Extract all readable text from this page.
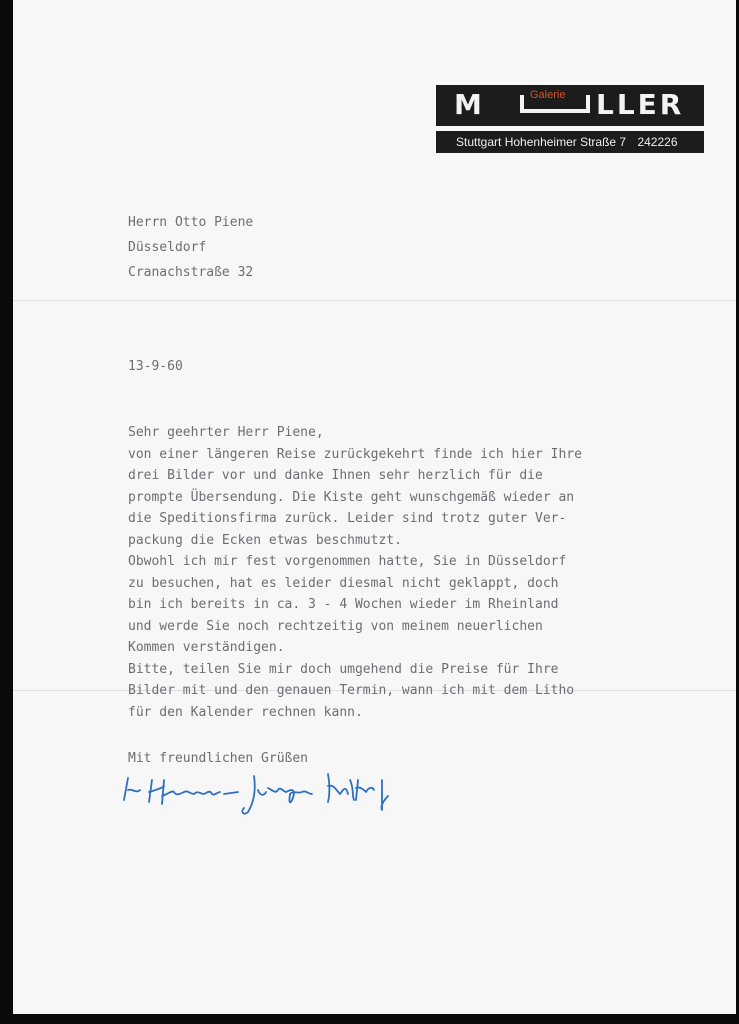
M	Galerie LLER
Stuttgart Hohenheimer Straße 7 242226
Herrn Otto Piene
Düsseldorf
Cranachstraße 32
13-9-60
Sehr geehrter Herr Piene,
von einer längeren Reise zurückgekehrt finde ich hier Ihre
drei Bilder vor und danke Ihnen sehr herzlich für die
prompte Übersendung. Die Kiste geht wunschgemäß wieder an
die Speditionsfirma zurück. Leider sind trotz guter Ver-
packung die Ecken etwas beschmutzt.
Obwohl ich mir fest vorgenommen hatte, Sie in Düsseldorf
zu besuchen, hat es leider diesmal nicht geklappt, doch
bin ich bereits in ca. 3 - 4 Wochen wieder im Rheinland
und werde Sie noch rechtzeitig von meinem neuerlichen
Kommen verständigen.
Bitte, teilen Sie mir doch umgehend die Preise für Ihre
Bilder mit und den genauen Termin, wann ich mit dem Litho
für den Kalender rechnen kann.
Mit freundlichen Grüßen
